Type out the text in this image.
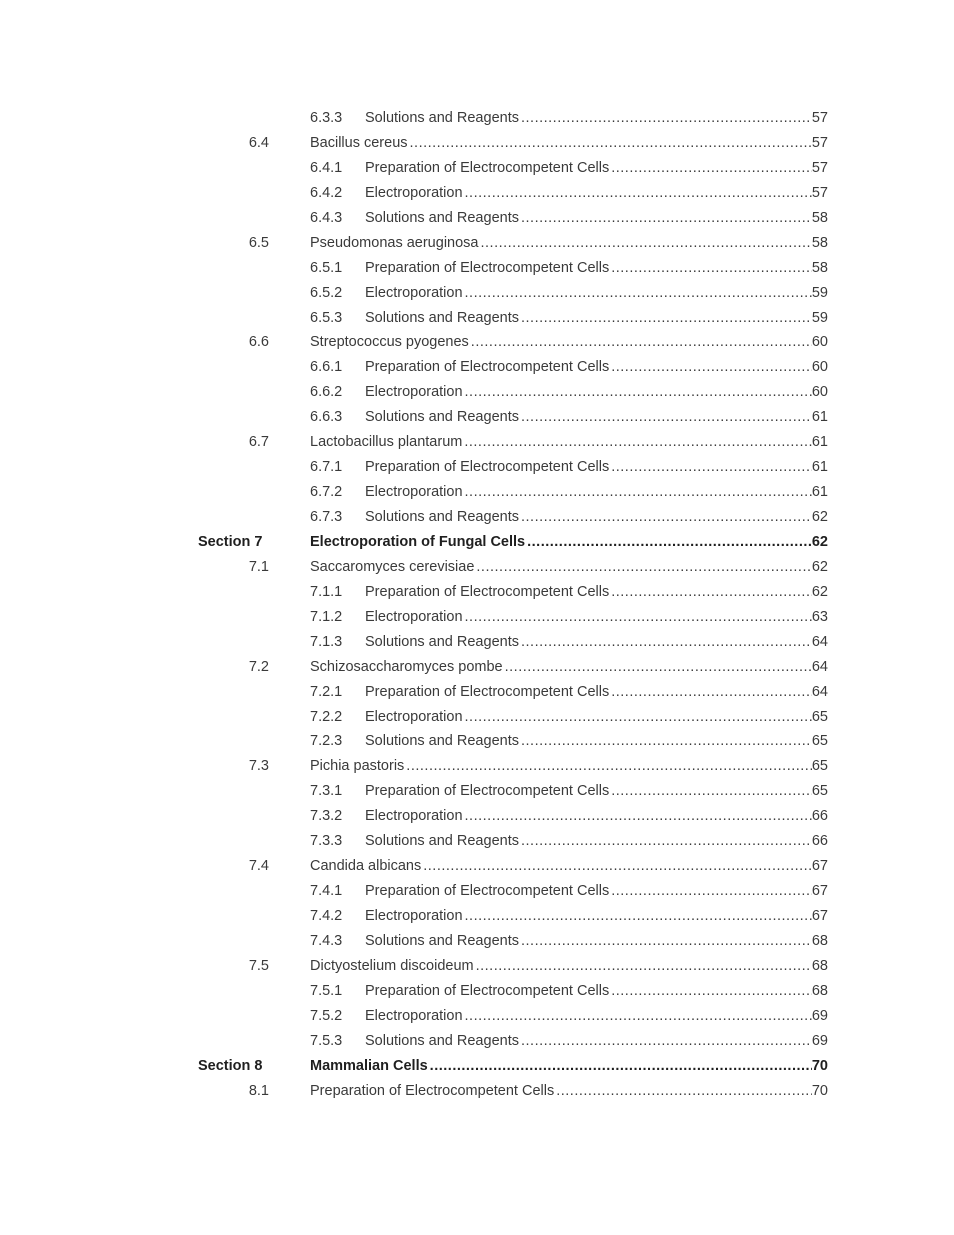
6.3.3	Solutions and Reagents .....	57
6.4	Bacillus cereus .....	57
6.4.1	Preparation of Electrocompetent Cells .....	57
6.4.2	Electroporation .....	57
6.4.3	Solutions and Reagents .....	58
6.5	Pseudomonas aeruginosa .....	58
6.5.1	Preparation of Electrocompetent Cells .....	58
6.5.2	Electroporation .....	59
6.5.3	Solutions and Reagents .....	59
6.6	Streptococcus pyogenes .....	60
6.6.1	Preparation of Electrocompetent Cells .....	60
6.6.2	Electroporation .....	60
6.6.3	Solutions and Reagents .....	61
6.7	Lactobacillus plantarum .....	61
6.7.1	Preparation of Electrocompetent Cells .....	61
6.7.2	Electroporation .....	61
6.7.3	Solutions and Reagents .....	62
Section 7	Electroporation of Fungal Cells .....	62
7.1	Saccaromyces cerevisiae .....	62
7.1.1	Preparation of Electrocompetent Cells .....	62
7.1.2	Electroporation .....	63
7.1.3	Solutions and Reagents .....	64
7.2	Schizosaccharomyces pombe .....	64
7.2.1	Preparation of Electrocompetent Cells .....	64
7.2.2	Electroporation .....	65
7.2.3	Solutions and Reagents .....	65
7.3	Pichia pastoris .....	65
7.3.1	Preparation of Electrocompetent Cells .....	65
7.3.2	Electroporation .....	66
7.3.3	Solutions and Reagents .....	66
7.4	Candida albicans .....	67
7.4.1	Preparation of Electrocompetent Cells .....	67
7.4.2	Electroporation .....	67
7.4.3	Solutions and Reagents .....	68
7.5	Dictyostelium discoideum .....	68
7.5.1	Preparation of Electrocompetent Cells .....	68
7.5.2	Electroporation .....	69
7.5.3	Solutions and Reagents .....	69
Section 8	Mammalian Cells .....	70
8.1	Preparation of Electrocompetent Cells .....	70
